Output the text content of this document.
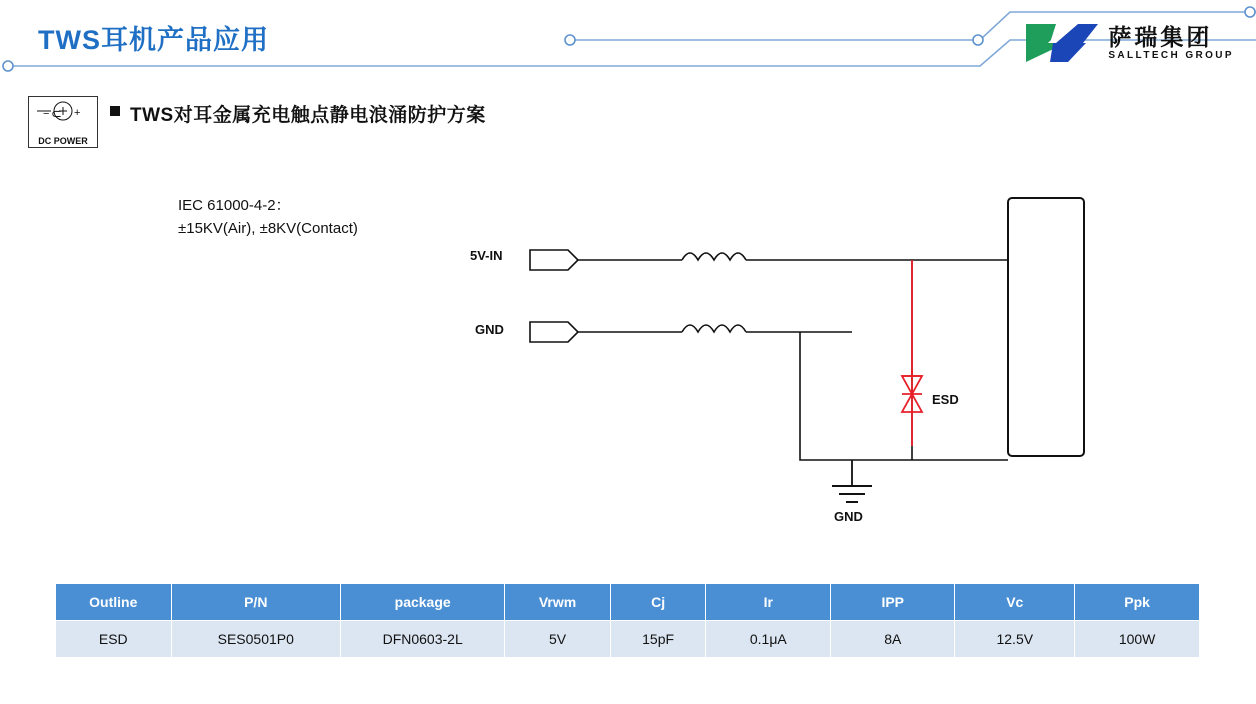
TWS耳机产品应用	萨瑞集团
SALLTECH GROUP
− ⊂ +
DC POWER
TWS对耳金属充电触点静电浪涌防护方案
IEC 61000-4-2：
±15KV(Air), ±8KV(Contact)
5V-IN
GND
ESD
GND
Outline	P/N	package	Vrwm	Cj	Ir	IPP	Vc	Ppk
ESD	SES0501P0	DFN0603-2L	5V	15pF	0.1μA	8A	12.5V	100W
